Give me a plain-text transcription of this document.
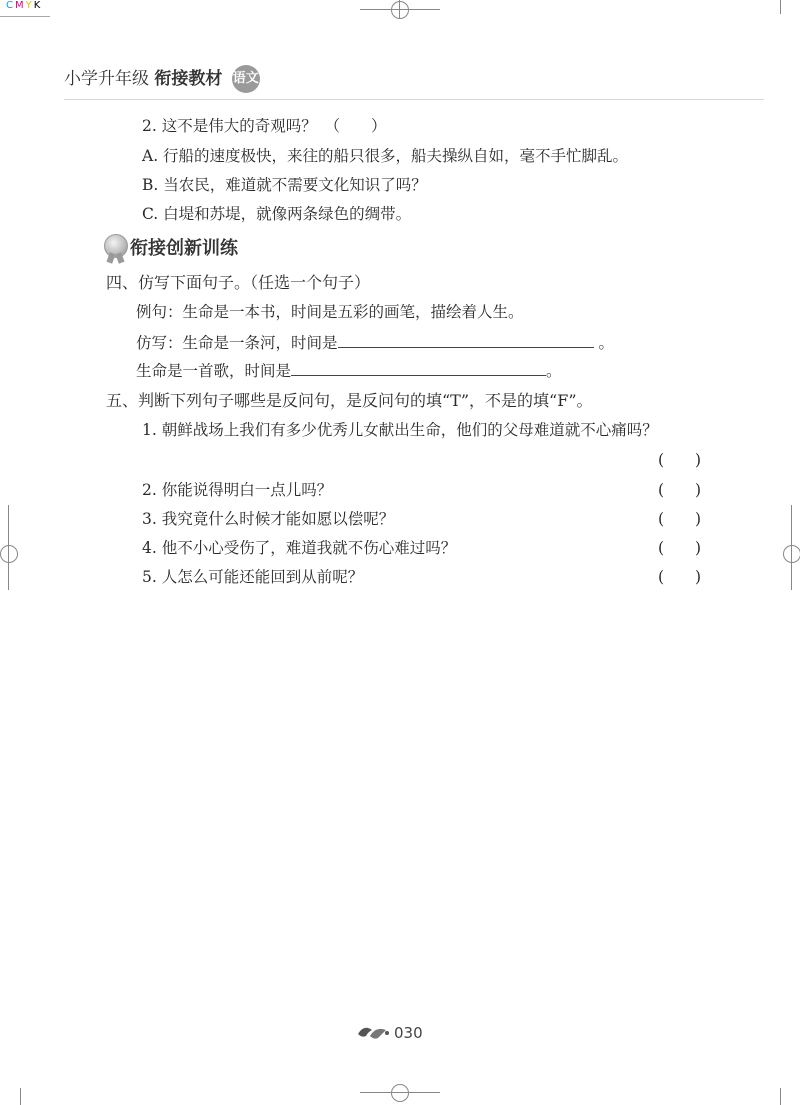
CMYK
小学升年级 衔接教材 语文
2. 这不是伟大的奇观吗？　（　　）
A. 行船的速度极快，来往的船只很多，船夫操纵自如，毫不手忙脚乱。
B. 当农民，难道就不需要文化知识了吗？
C. 白堤和苏堤，就像两条绿色的绸带。
衔接创新训练
四、仿写下面句子。（任选一个句子）
例句：生命是一本书，时间是五彩的画笔，描绘着人生。
仿写：生命是一条河，时间是	。
生命是一首歌，时间是	。
五、判断下列句子哪些是反问句，是反问句的填“T”，不是的填“F”。
1. 朝鲜战场上我们有多少优秀儿女献出生命，他们的父母难道就不心痛吗？
(　　)
2. 你能说得明白一点儿吗？	(　　)
3. 我究竟什么时候才能如愿以偿呢？	(　　)
4. 他不小心受伤了，难道我就不伤心难过吗？	(　　)
5. 人怎么可能还能回到从前呢？	(　　)
030
